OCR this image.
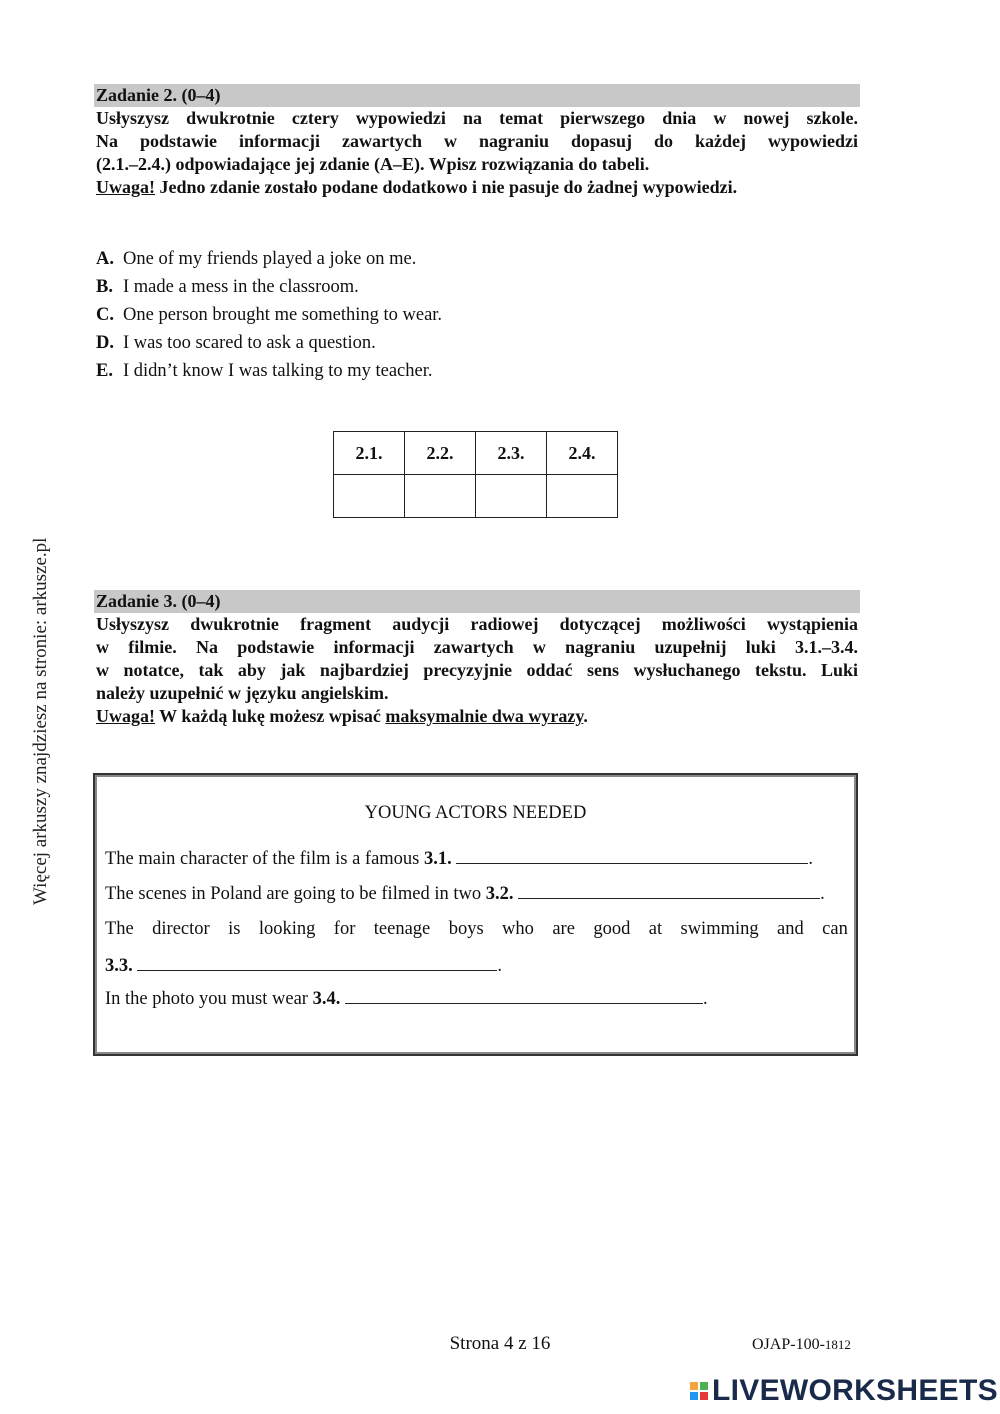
Więcej arkuszy znajdziesz na stronie: arkusze.pl
Zadanie 2. (0–4)
Usłyszysz dwukrotnie cztery wypowiedzi na temat pierwszego dnia w nowej szkole.
Na podstawie informacji zawartych w nagraniu dopasuj do każdej wypowiedzi
(2.1.–2.4.) odpowiadające jej zdanie (A–E). Wpisz rozwiązania do tabeli.
Uwaga! Jedno zdanie zostało podane dodatkowo i nie pasuje do żadnej wypowiedzi.
A. One of my friends played a joke on me.
B. I made a mess in the classroom.
C. One person brought me something to wear.
D. I was too scared to ask a question.
E. I didn’t know I was talking to my teacher.
2.1.	2.2.	2.3.	2.4.

Zadanie 3. (0–4)
Usłyszysz dwukrotnie fragment audycji radiowej dotyczącej możliwości wystąpienia
w filmie. Na podstawie informacji zawartych w nagraniu uzupełnij luki 3.1.–3.4.
w notatce, tak aby jak najbardziej precyzyjnie oddać sens wysłuchanego tekstu. Luki
należy uzupełnić w języku angielskim.
Uwaga! W każdą lukę możesz wpisać maksymalnie dwa wyrazy.
YOUNG ACTORS NEEDED
The main character of the film is a famous 3.1.	.
The scenes in Poland are going to be filmed in two 3.2.	.
The director is looking for teenage boys who are good at swimming and can
3.3.	.
In the photo you must wear 3.4.	.
Strona 4 z 16	OJAP-100-1812
LIVEWORKSHEETS
